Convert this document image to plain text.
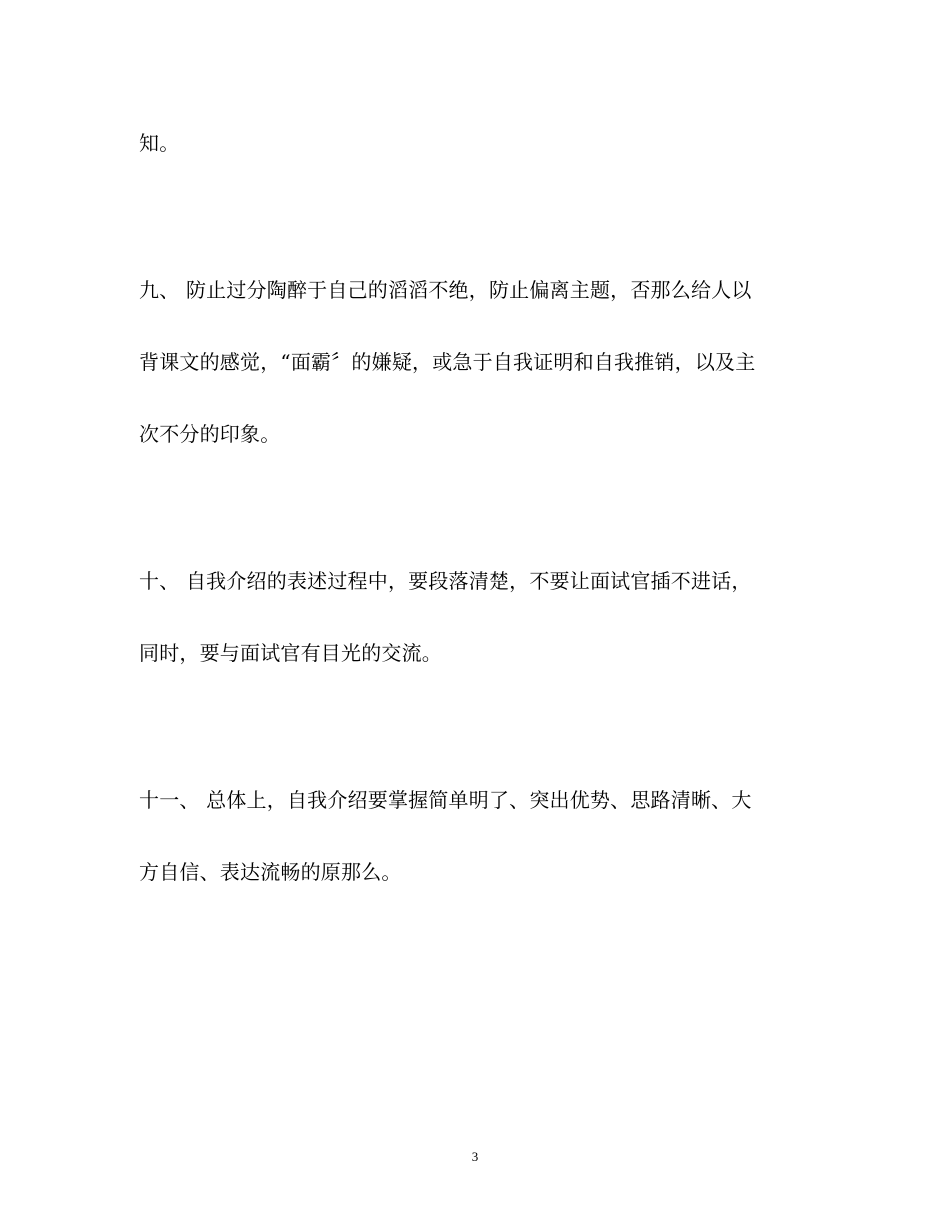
知。
九、 防止过分陶醉于自己的滔滔不绝，防止偏离主题，否那么给人以
背课文的感觉，“面霸〞的嫌疑，或急于自我证明和自我推销，以及主
次不分的印象。
十、 自我介绍的表述过程中，要段落清楚，不要让面试官插不进话，
同时，要与面试官有目光的交流。
十一、 总体上，自我介绍要掌握简单明了、突出优势、思路清晰、大
方自信、表达流畅的原那么。
3
